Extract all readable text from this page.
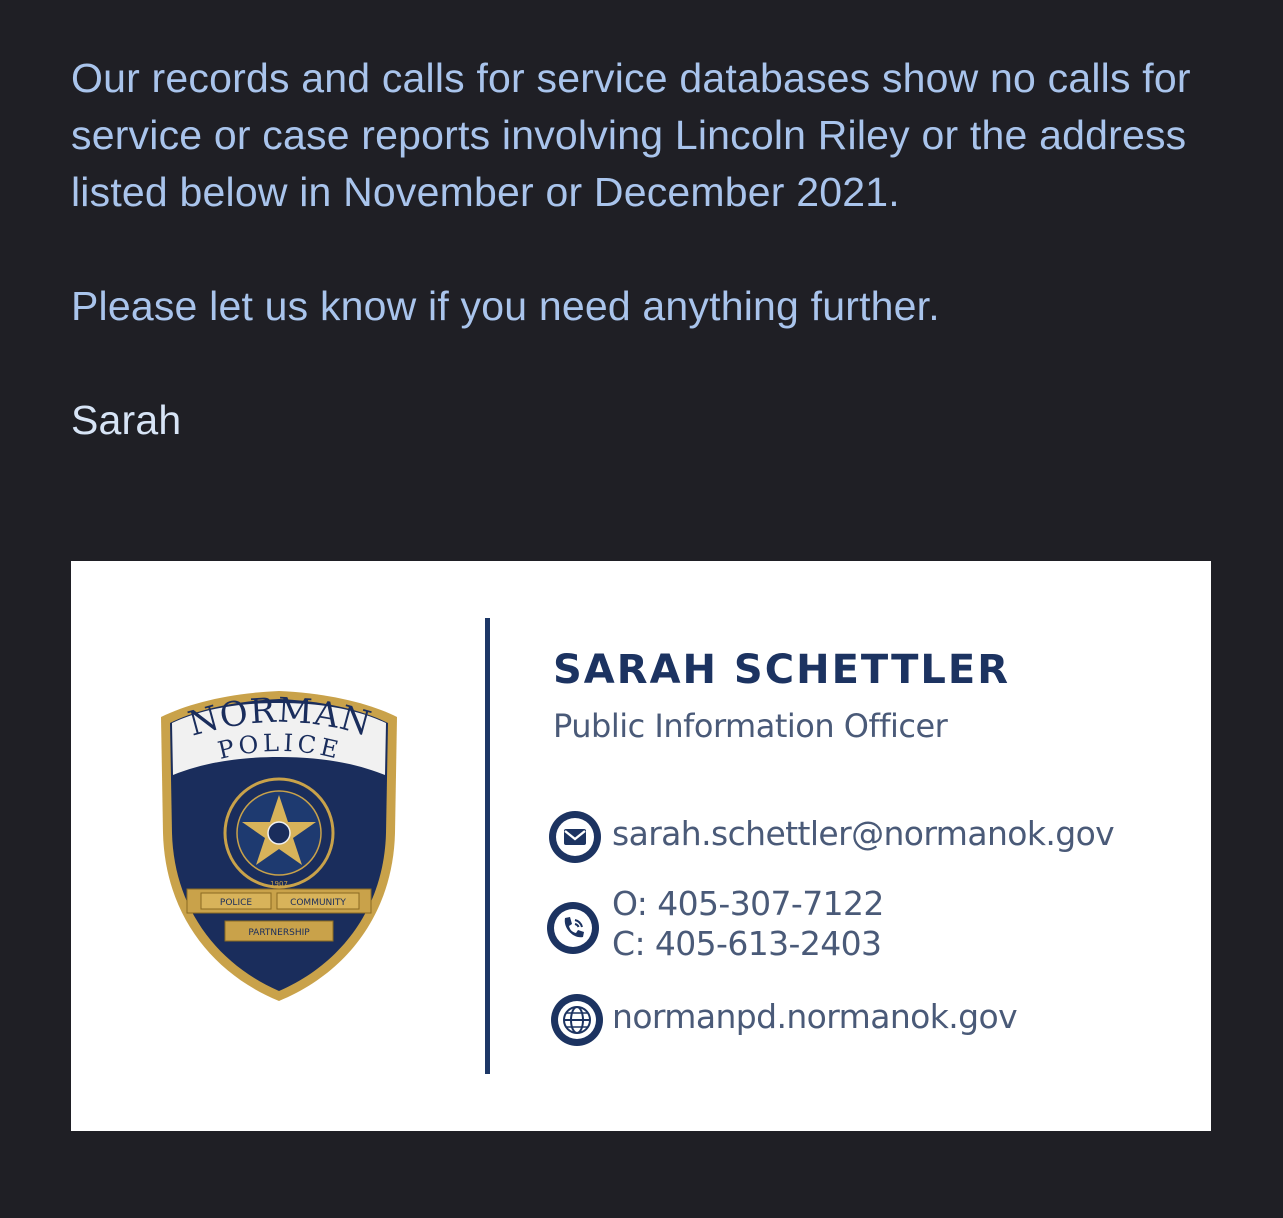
Our records and calls for service databases show no calls for service or case reports involving Lincoln Riley or the address listed below in November or December 2021.

Please let us know if you need anything further.

Sarah

NORMAN
POLICE
1907
POLICE	COMMUNITY
PARTNERSHIP
SARAH SCHETTLER
Public Information Officer
sarah.schettler@normanok.gov
O: 405-307-7122
C: 405-613-2403
normanpd.normanok.gov
